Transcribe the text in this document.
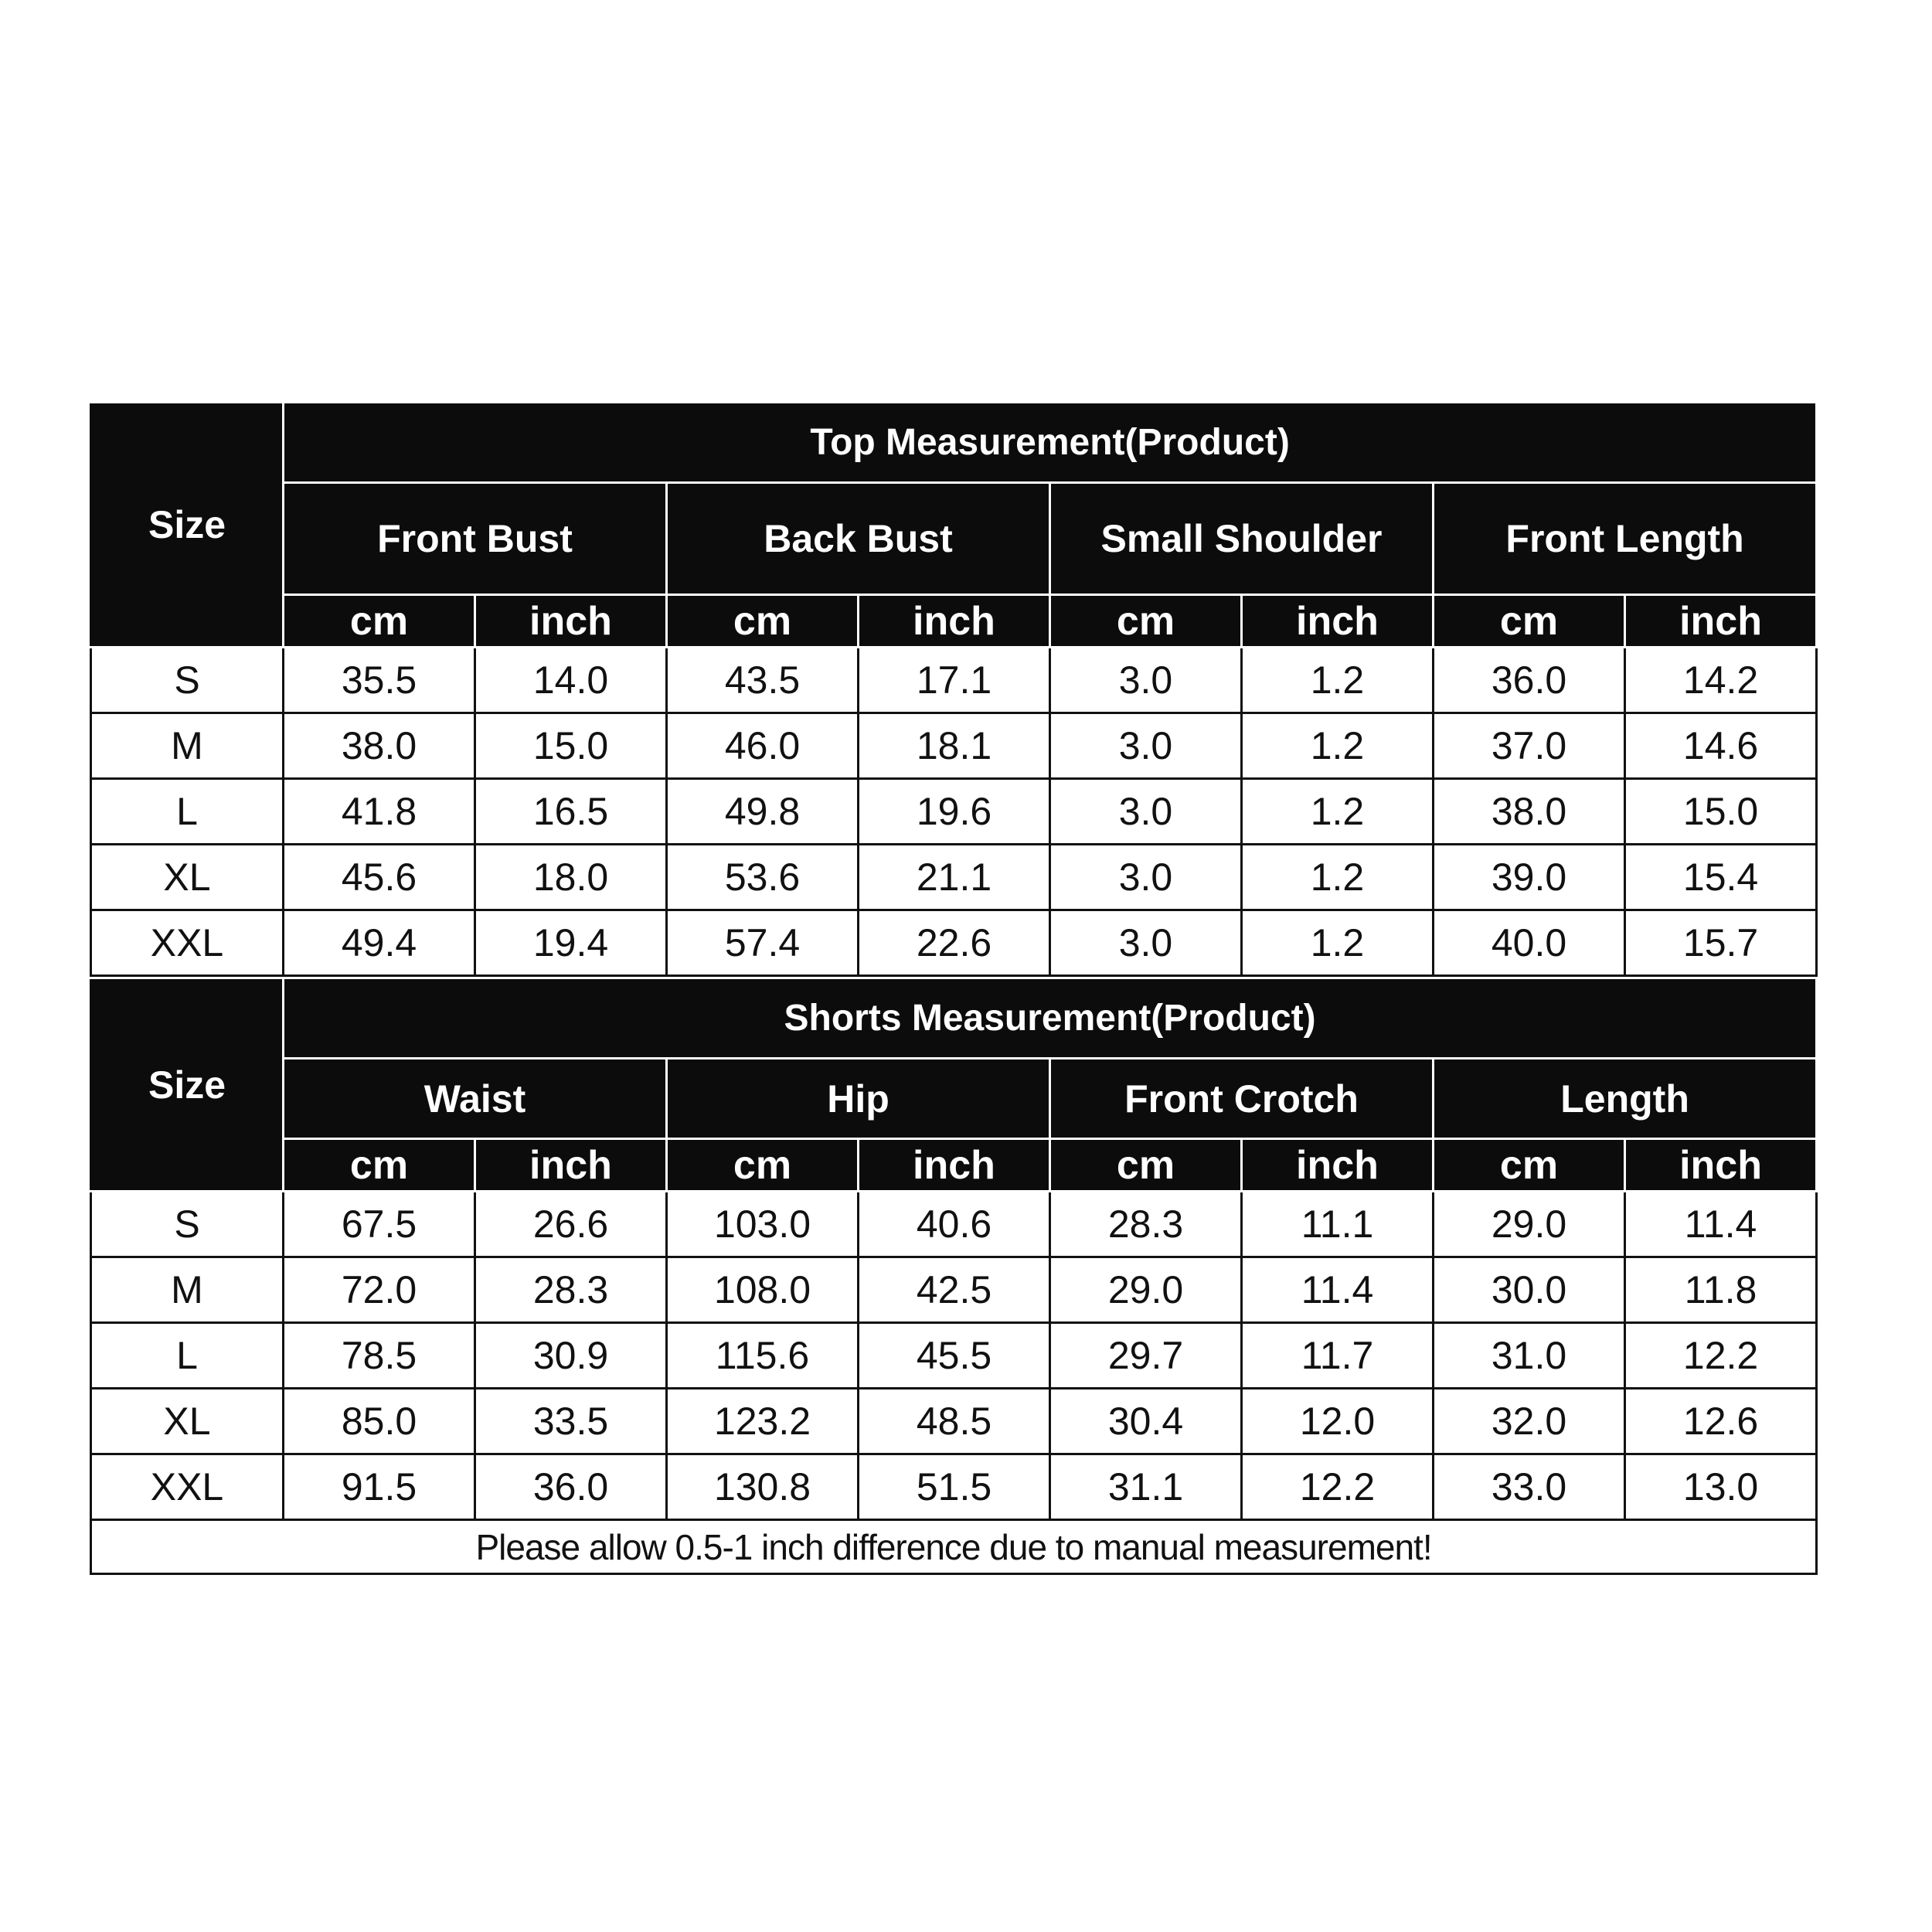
Size	Top Measurement(Product)							
	Front Bust		Back Bust		Small Shoulder		Front Length	
	cm	inch	cm	inch	cm	inch	cm	inch
S	35.5	14.0	43.5	17.1	3.0	1.2	36.0	14.2
M	38.0	15.0	46.0	18.1	3.0	1.2	37.0	14.6
L	41.8	16.5	49.8	19.6	3.0	1.2	38.0	15.0
XL	45.6	18.0	53.6	21.1	3.0	1.2	39.0	15.4
XXL	49.4	19.4	57.4	22.6	3.0	1.2	40.0	15.7
Size	Shorts Measurement(Product)							
	Waist		Hip		Front Crotch		Length	
	cm	inch	cm	inch	cm	inch	cm	inch
S	67.5	26.6	103.0	40.6	28.3	11.1	29.0	11.4
M	72.0	28.3	108.0	42.5	29.0	11.4	30.0	11.8
L	78.5	30.9	115.6	45.5	29.7	11.7	31.0	12.2
XL	85.0	33.5	123.2	48.5	30.4	12.0	32.0	12.6
XXL	91.5	36.0	130.8	51.5	31.1	12.2	33.0	13.0
Please allow 0.5-1 inch difference due to manual measurement!								
